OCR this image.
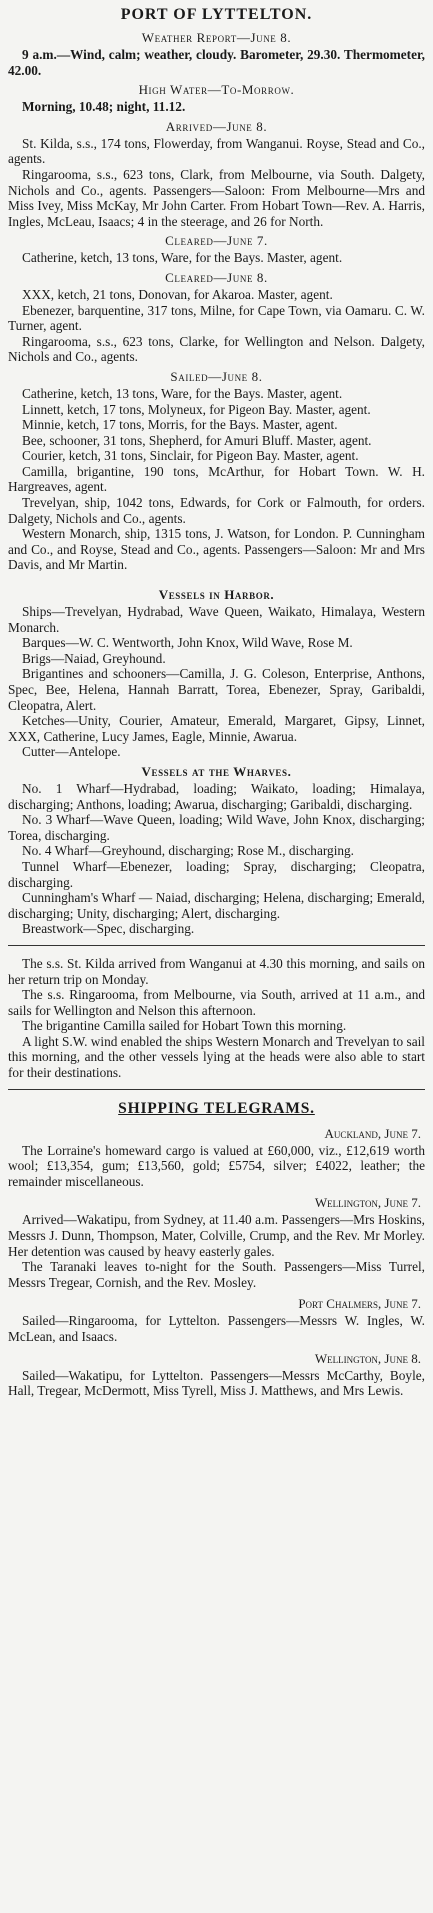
PORT OF LYTTELTON.
Weather Report—June 8.

9 a.m.—Wind, calm; weather, cloudy. Barometer, 29.30. Thermometer, 42.00.

High Water—To-Morrow.

Morning, 10.48; night, 11.12.

Arrived—June 8.

St. Kilda, s.s., 174 tons, Flowerday, from Wanganui. Royse, Stead and Co., agents.

Ringarooma, s.s., 623 tons, Clark, from Melbourne, via South. Dalgety, Nichols and Co., agents. Passengers—Saloon: From Melbourne—Mrs and Miss Ivey, Miss McKay, Mr John Carter. From Hobart Town—Rev. A. Harris, Ingles, McLeau, Isaacs; 4 in the steerage, and 26 for North.

Cleared—June 7.

Catherine, ketch, 13 tons, Ware, for the Bays. Master, agent.

Cleared—June 8.

XXX, ketch, 21 tons, Donovan, for Akaroa. Master, agent.

Ebenezer, barquentine, 317 tons, Milne, for Cape Town, via Oamaru. C. W. Turner, agent.

Ringarooma, s.s., 623 tons, Clarke, for Wellington and Nelson. Dalgety, Nichols and Co., agents.

Sailed—June 8.

Catherine, ketch, 13 tons, Ware, for the Bays. Master, agent.

Linnett, ketch, 17 tons, Molyneux, for Pigeon Bay. Master, agent.

Minnie, ketch, 17 tons, Morris, for the Bays. Master, agent.

Bee, schooner, 31 tons, Shepherd, for Amuri Bluff. Master, agent.

Courier, ketch, 31 tons, Sinclair, for Pigeon Bay. Master, agent.

Camilla, brigantine, 190 tons, McArthur, for Hobart Town. W. H. Hargreaves, agent.

Trevelyan, ship, 1042 tons, Edwards, for Cork or Falmouth, for orders. Dalgety, Nichols and Co., agents.

Western Monarch, ship, 1315 tons, J. Watson, for London. P. Cunningham and Co., and Royse, Stead and Co., agents. Passengers—Saloon: Mr and Mrs Davis, and Mr Martin.

Vessels in Harbor.

Ships—Trevelyan, Hydrabad, Wave Queen, Waikato, Himalaya, Western Monarch.

Barques—W. C. Wentworth, John Knox, Wild Wave, Rose M.

Brigs—Naiad, Greyhound.

Brigantines and schooners—Camilla, J. G. Coleson, Enterprise, Anthons, Spec, Bee, Helena, Hannah Barratt, Torea, Ebenezer, Spray, Garibaldi, Cleopatra, Alert.

Ketches—Unity, Courier, Amateur, Emerald, Margaret, Gipsy, Linnet, XXX, Catherine, Lucy James, Eagle, Minnie, Awarua.

Cutter—Antelope.

Vessels at the Wharves.

No. 1 Wharf—Hydrabad, loading; Waikato, loading; Himalaya, discharging; Anthons, loading; Awarua, discharging; Garibaldi, discharging.

No. 3 Wharf—Wave Queen, loading; Wild Wave, John Knox, discharging; Torea, discharging.

No. 4 Wharf—Greyhound, discharging; Rose M., discharging.

Tunnel Wharf—Ebenezer, loading; Spray, discharging; Cleopatra, discharging.

Cunningham's Wharf — Naiad, discharging; Helena, discharging; Emerald, discharging; Unity, discharging; Alert, discharging.

Breastwork—Spec, discharging.

The s.s. St. Kilda arrived from Wanganui at 4.30 this morning, and sails on her return trip on Monday.

The s.s. Ringarooma, from Melbourne, via South, arrived at 11 a.m., and sails for Wellington and Nelson this afternoon.

The brigantine Camilla sailed for Hobart Town this morning.

A light S.W. wind enabled the ships Western Monarch and Trevelyan to sail this morning, and the other vessels lying at the heads were also able to start for their destinations.

SHIPPING TELEGRAMS.
Auckland, June 7.

The Lorraine's homeward cargo is valued at £60,000, viz., £12,619 worth wool; £13,354, gum; £13,560, gold; £5754, silver; £4022, leather; the remainder miscellaneous.

Wellington, June 7.

Arrived—Wakatipu, from Sydney, at 11.40 a.m. Passengers—Mrs Hoskins, Messrs J. Dunn, Thompson, Mater, Colville, Crump, and the Rev. Mr Morley. Her detention was caused by heavy easterly gales.

The Taranaki leaves to-night for the South. Passengers—Miss Turrel, Messrs Tregear, Cornish, and the Rev. Mosley.

Port Chalmers, June 7.

Sailed—Ringarooma, for Lyttelton. Passengers—Messrs W. Ingles, W. McLean, and Isaacs.

Wellington, June 8.

Sailed—Wakatipu, for Lyttelton. Passengers—Messrs McCarthy, Boyle, Hall, Tregear, McDermott, Miss Tyrell, Miss J. Matthews, and Mrs Lewis.
